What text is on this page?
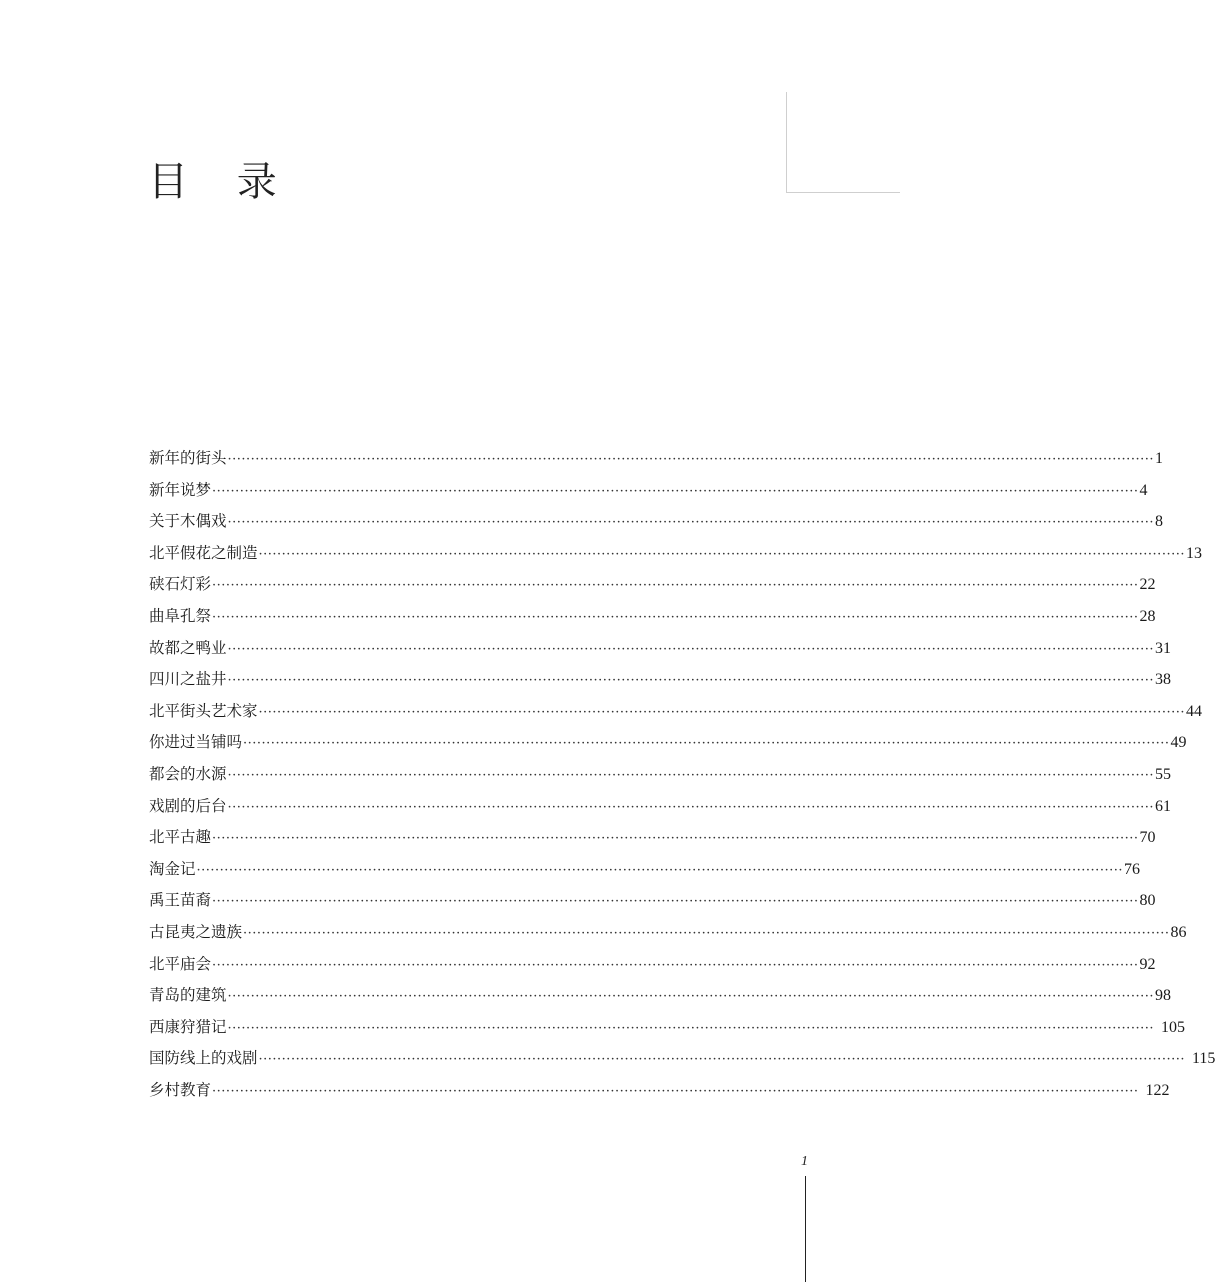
目 录
新年的街头 ········································································································································································································ 1
新年说梦 ········································································································································································································ 4
关于木偶戏 ········································································································································································································ 8
北平假花之制造 ········································································································································································································ 13
硖石灯彩 ········································································································································································································ 22
曲阜孔祭 ········································································································································································································ 28
故都之鸭业 ········································································································································································································ 31
四川之盐井 ········································································································································································································ 38
北平街头艺术家 ········································································································································································································ 44
你进过当铺吗 ········································································································································································································ 49
都会的水源 ········································································································································································································ 55
戏剧的后台 ········································································································································································································ 61
北平古趣 ········································································································································································································ 70
淘金记 ········································································································································································································ 76
禹王苗裔 ········································································································································································································ 80
古昆夷之遗族 ········································································································································································································ 86
北平庙会 ········································································································································································································ 92
青岛的建筑 ········································································································································································································ 98
西康狩猎记 ········································································································································································································ 105
国防线上的戏剧 ········································································································································································································ 115
乡村教育 ········································································································································································································ 122
1
